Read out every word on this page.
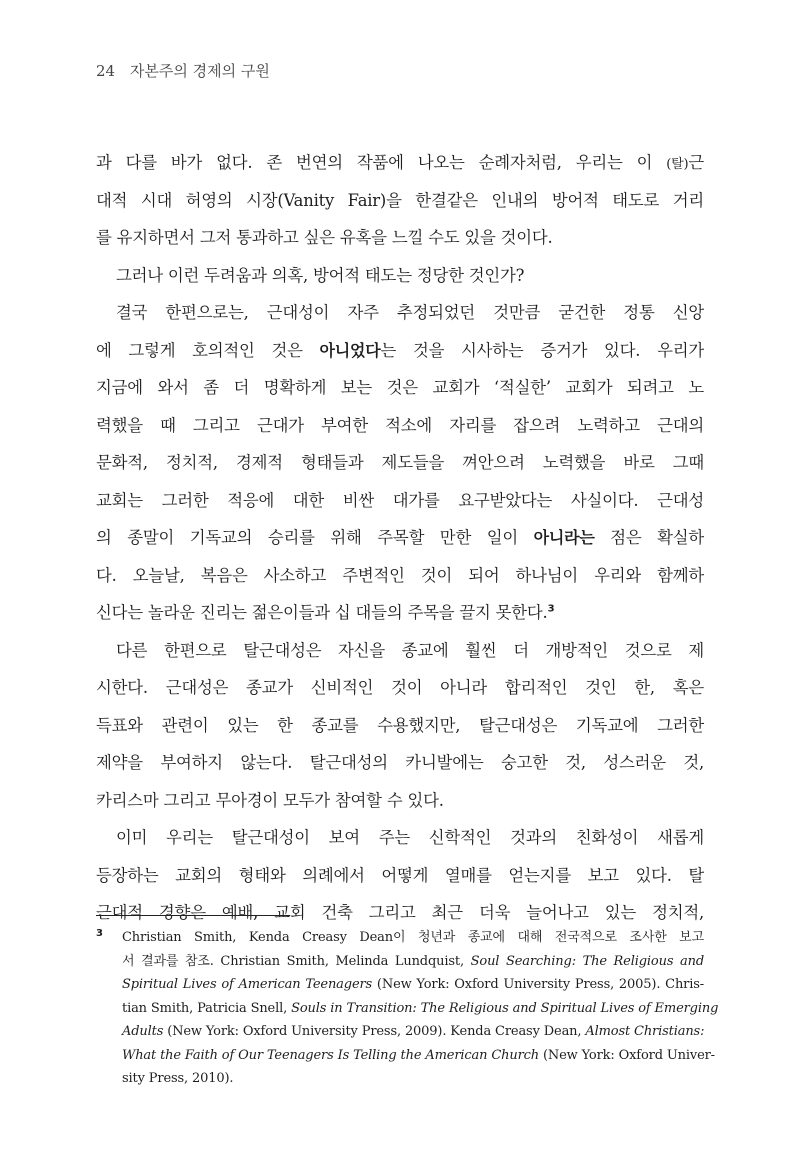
24 자본주의 경제의 구원
과 다를 바가 없다. 존 번연의 작품에 나오는 순례자처럼, 우리는 이 (탈)근
대적 시대 허영의 시장(Vanity Fair)을 한결같은 인내의 방어적 태도로 거리
를 유지하면서 그저 통과하고 싶은 유혹을 느낄 수도 있을 것이다.
그러나 이런 두려움과 의혹, 방어적 태도는 정당한 것인가?
결국 한편으로는, 근대성이 자주 추정되었던 것만큼 굳건한 정통 신앙
에 그렇게 호의적인 것은 아니었다는 것을 시사하는 증거가 있다. 우리가
지금에 와서 좀 더 명확하게 보는 것은 교회가 ‘적실한’ 교회가 되려고 노
력했을 때 그리고 근대가 부여한 적소에 자리를 잡으려 노력하고 근대의
문화적, 정치적, 경제적 형태들과 제도들을 껴안으려 노력했을 바로 그때
교회는 그러한 적응에 대한 비싼 대가를 요구받았다는 사실이다. 근대성
의 종말이 기독교의 승리를 위해 주목할 만한 일이 아니라는 점은 확실하
다. 오늘날, 복음은 사소하고 주변적인 것이 되어 하나님이 우리와 함께하
신다는 놀라운 진리는 젊은이들과 십 대들의 주목을 끌지 못한다.$^3$
다른 한편으로 탈근대성은 자신을 종교에 훨씬 더 개방적인 것으로 제
시한다. 근대성은 종교가 신비적인 것이 아니라 합리적인 것인 한, 혹은
득표와 관련이 있는 한 종교를 수용했지만, 탈근대성은 기독교에 그러한
제약을 부여하지 않는다. 탈근대성의 카니발에는 숭고한 것, 성스러운 것,
카리스마 그리고 무아경이 모두가 참여할 수 있다.
이미 우리는 탈근대성이 보여 주는 신학적인 것과의 친화성이 새롭게
등장하는 교회의 형태와 의례에서 어떻게 열매를 얻는지를 보고 있다. 탈
근대적 경향은 예배, 교회 건축 그리고 최근 더욱 늘어나고 있는 정치적,
3 Christian Smith, Kenda Creasy Dean이 청년과 종교에 대해 전국적으로 조사한 보고
서 결과를 참조. Christian Smith, Melinda Lundquist, Soul Searching: The Religious and
Spiritual Lives of American Teenagers (New York: Oxford University Press, 2005). Chris-
tian Smith, Patricia Snell, Souls in Transition: The Religious and Spiritual Lives of Emerging
Adults (New York: Oxford University Press, 2009). Kenda Creasy Dean, Almost Christians:
What the Faith of Our Teenagers Is Telling the American Church (New York: Oxford Univer-
sity Press, 2010).
